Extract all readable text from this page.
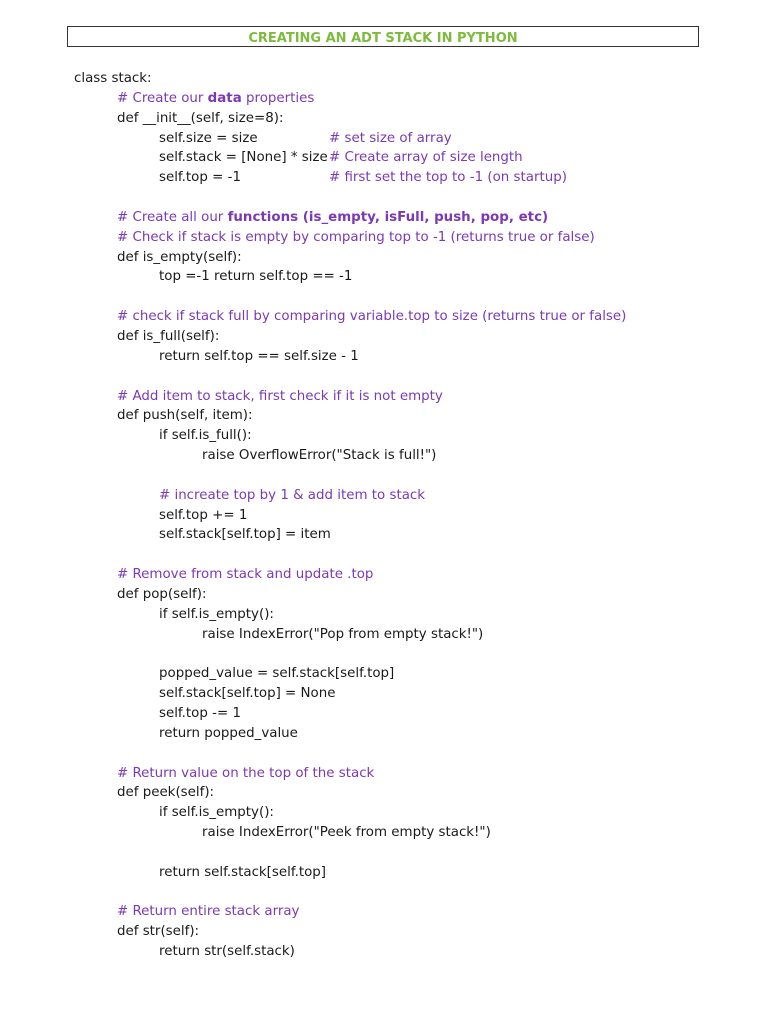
CREATING AN ADT STACK IN PYTHON
class stack:
# Create our data properties
def __init__(self, size=8):
self.size = size	# set size of array
self.stack = [None] * size # Create array of size length
self.top = -1	# first set the top to -1 (on startup)
# Create all our functions (is_empty, isFull, push, pop, etc)
# Check if stack is empty by comparing top to -1 (returns true or false)
def is_empty(self):
top =-1 return self.top == -1
# check if stack full by comparing variable.top to size (returns true or false)
def is_full(self):
return self.top == self.size - 1
# Add item to stack, first check if it is not empty
def push(self, item):
if self.is_full():
raise OverflowError("Stack is full!")
# increate top by 1 & add item to stack
self.top += 1
self.stack[self.top] = item
# Remove from stack and update .top
def pop(self):
if self.is_empty():
raise IndexError("Pop from empty stack!")
popped_value = self.stack[self.top]
self.stack[self.top] = None
self.top -= 1
return popped_value
# Return value on the top of the stack
def peek(self):
if self.is_empty():
raise IndexError("Peek from empty stack!")
return self.stack[self.top]
# Return entire stack array
def str(self):
return str(self.stack)
